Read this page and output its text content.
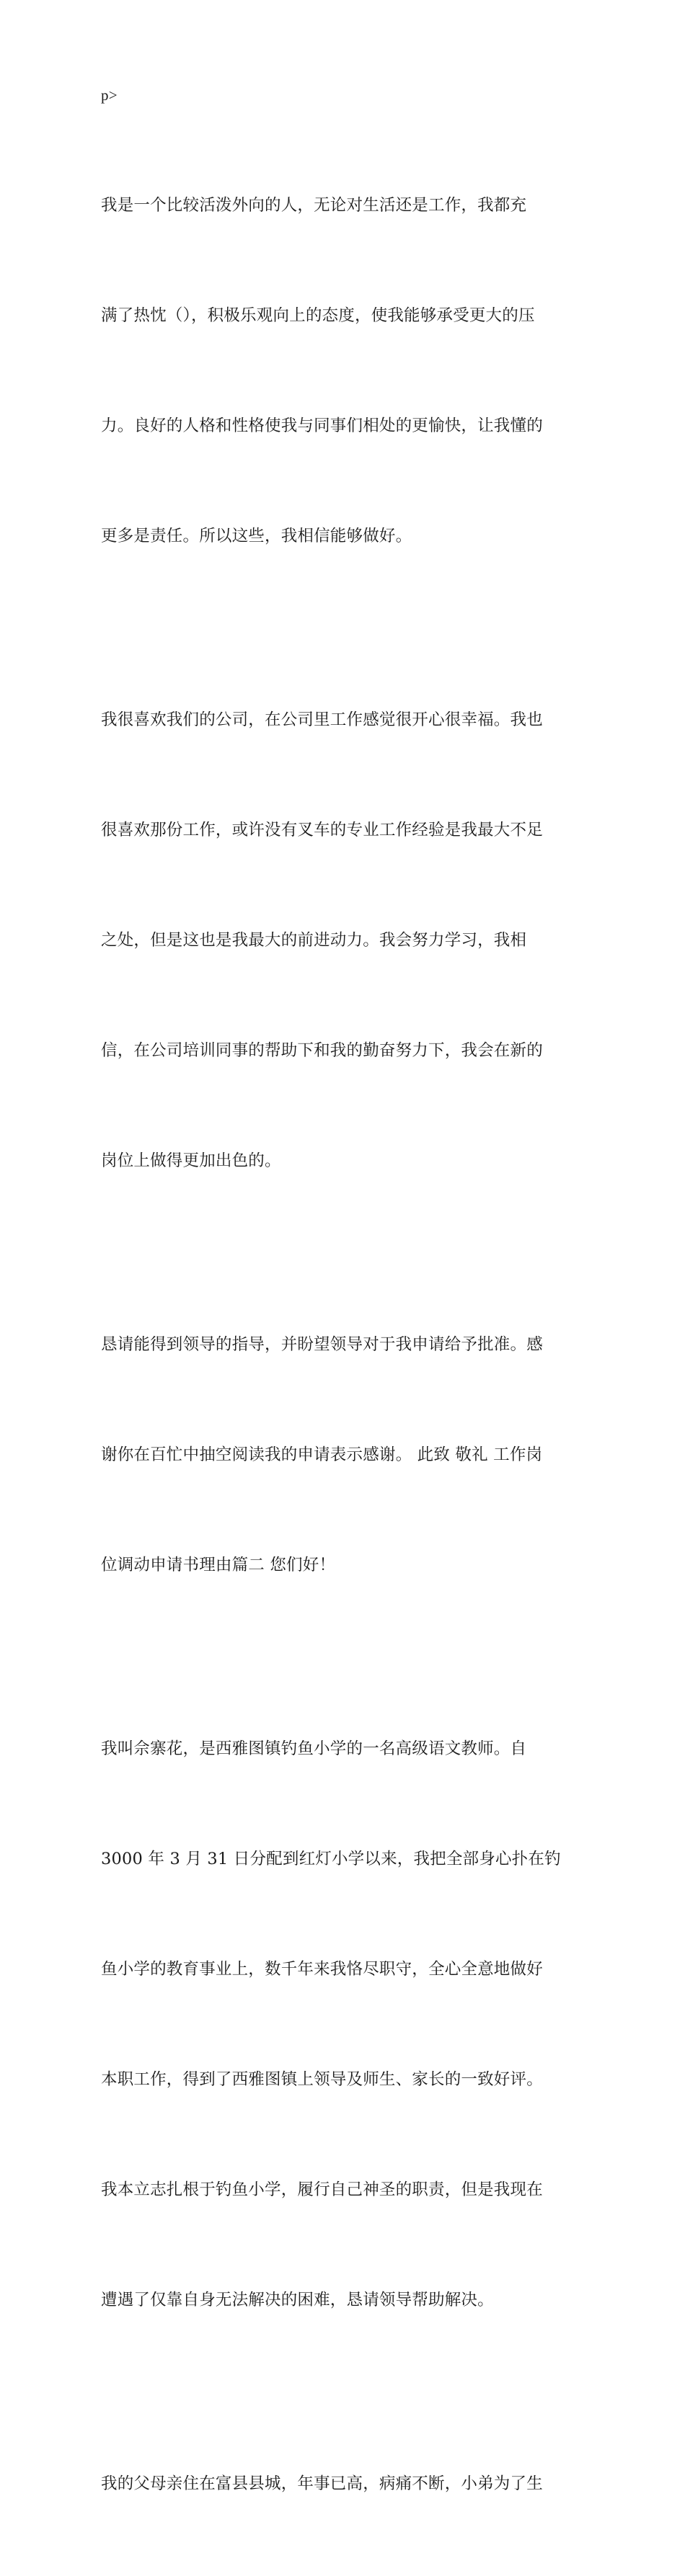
p>

我是一个比较活泼外向的人，无论对生活还是工作，我都充

满了热忱（），积极乐观向上的态度，使我能够承受更大的压

力。良好的人格和性格使我与同事们相处的更愉快，让我懂的

更多是责任。所以这些，我相信能够做好。

我很喜欢我们的公司，在公司里工作感觉很开心很幸福。我也

很喜欢那份工作，或许没有叉车的专业工作经验是我最大不足

之处，但是这也是我最大的前进动力。我会努力学习，我相

信，在公司培训同事的帮助下和我的勤奋努力下，我会在新的

岗位上做得更加出色的。

恳请能得到领导的指导，并盼望领导对于我申请给予批准。感

谢你在百忙中抽空阅读我的申请表示感谢。 此致 敬礼 工作岗

位调动申请书理由篇二 您们好！

我叫佘寨花，是西雅图镇钓鱼小学的一名高级语文教师。自

3000 年 3 月 31 日分配到红灯小学以来，我把全部身心扑在钓

鱼小学的教育事业上，数千年来我恪尽职守，全心全意地做好

本职工作，得到了西雅图镇上领导及师生、家长的一致好评。

我本立志扎根于钓鱼小学，履行自己神圣的职责，但是我现在

遭遇了仅靠自身无法解决的困难，恳请领导帮助解决。

我的父母亲住在富县县城，年事已高，病痛不断，小弟为了生
